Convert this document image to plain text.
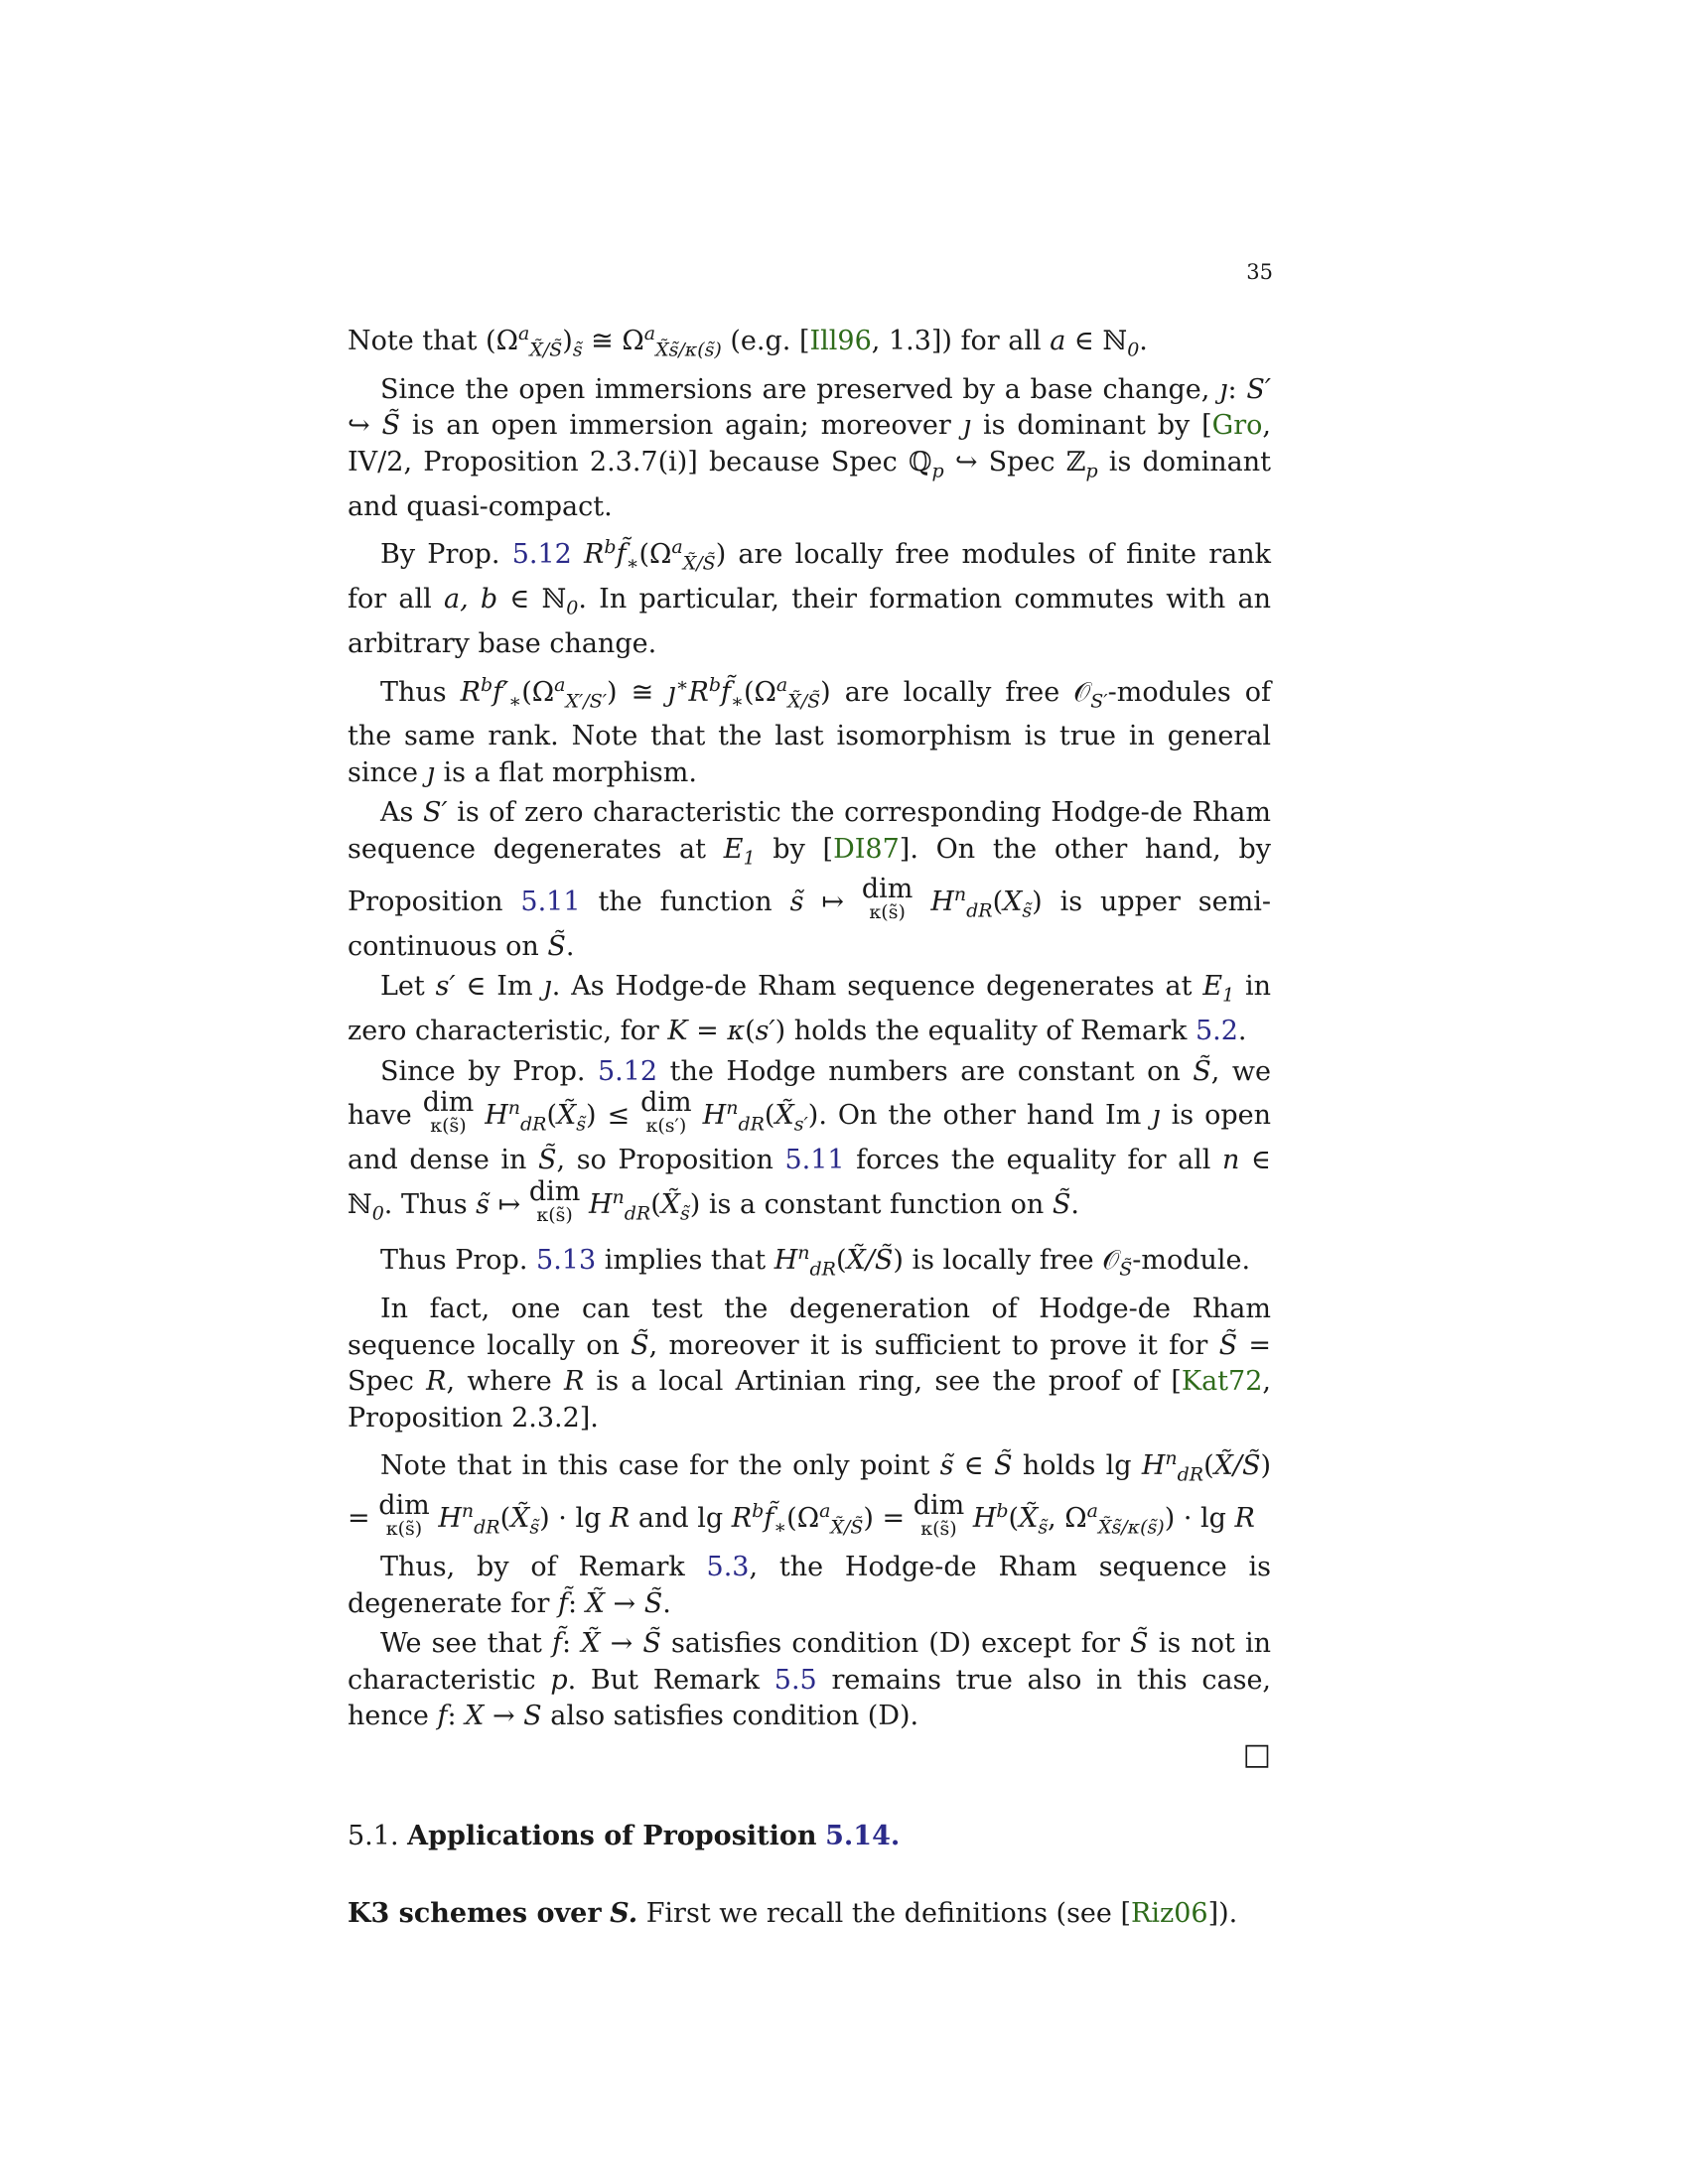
35

Note that $(\Omega^a_{X̃/S̃})_{s̃}$ ≅ $\Omega^a_{X̃s̃/\kappa(s̃)}$ (e.g. [Ill96, 1.3]) for all a ∈ ℕ$_0$.

Since the open immersions are preserved by a base change, ȷ: S′ ↪ S̃ is an open immersion again; moreover ȷ is dominant by [Gro, IV/2, Proposition 2.3.7(i)] because Spec ℚ$_p$ ↪ Spec ℤ$_p$ is dominant and quasi-compact.

By Prop. 5.12 $R^bf̃_∗(\Omega^a_{X̃/S̃})$ are locally free modules of finite rank for all a, b ∈ ℕ$_0$. In particular, their formation commutes with an arbitrary base change.

Thus $R^bf'_∗(\Omega^a_{X'/S'})$ ≅ $ȷ^∗R^bf̃_∗(\Omega^a_{X̃/S̃})$ are locally free 𝒪$_{S'}$-modules of the same rank. Note that the last isomorphism is true in general since ȷ is a flat morphism.

As S′ is of zero characteristic the corresponding Hodge-de Rham sequence degenerates at $E_1$ by [DI87]. On the other hand, by Proposition 5.11 the function s̃ ↦ dim
κ(s̃) $H^n_{dR}(X_{s̃})$ is upper semi-continuous on S̃.

Let s′ ∈ Im ȷ. As Hodge-de Rham sequence degenerates at $E_1$ in zero characteristic, for K = κ(s′) holds the equality of Remark 5.2.

Since by Prop. 5.12 the Hodge numbers are constant on S̃, we have dim
κ(s̃) $H^n_{dR}(X̃_{s̃})$ ≤ dim
κ(s′) $H^n_{dR}(X̃_{s'})$. On the other hand Im ȷ is open and dense in S̃, so Proposition 5.11 forces the equality for all n ∈ ℕ$_0$. Thus s̃ ↦ dim
κ(s̃) $H^n_{dR}(X̃_{s̃})$ is a constant function on S̃.

Thus Prop. 5.13 implies that $H^n_{dR}(X̃/S̃)$ is locally free 𝒪$_{S̃}$-module.

In fact, one can test the degeneration of Hodge-de Rham sequence locally on S̃, moreover it is sufficient to prove it for S̃ = Spec R, where R is a local Artinian ring, see the proof of [Kat72, Proposition 2.3.2].

Note that in this case for the only point s̃ ∈ S̃ holds $\lg H^n_{dR}(X̃/S̃)$ = dim
κ(s̃) $H^n_{dR}(X̃_{s̃}) \cdot \lg R$ and $\lg R^bf̃_∗(\Omega^a_{X̃/S̃})$ = dim
κ(s̃) $H^b(X̃_{s̃}$, $\Omega^a_{X̃s̃/\kappa(s̃)}) \cdot \lg R$

Thus, by of Remark 5.3, the Hodge-de Rham sequence is degenerate for f̃: X̃ → S̃.

We see that f̃: X̃ → S̃ satisfies condition (D) except for S̃ is not in characteristic p. But Remark 5.5 remains true also in this case, hence f: X → S also satisfies condition (D).

□

5.1. Applications of Proposition 5.14.

K3 schemes over S. First we recall the definitions (see [Riz06]).
